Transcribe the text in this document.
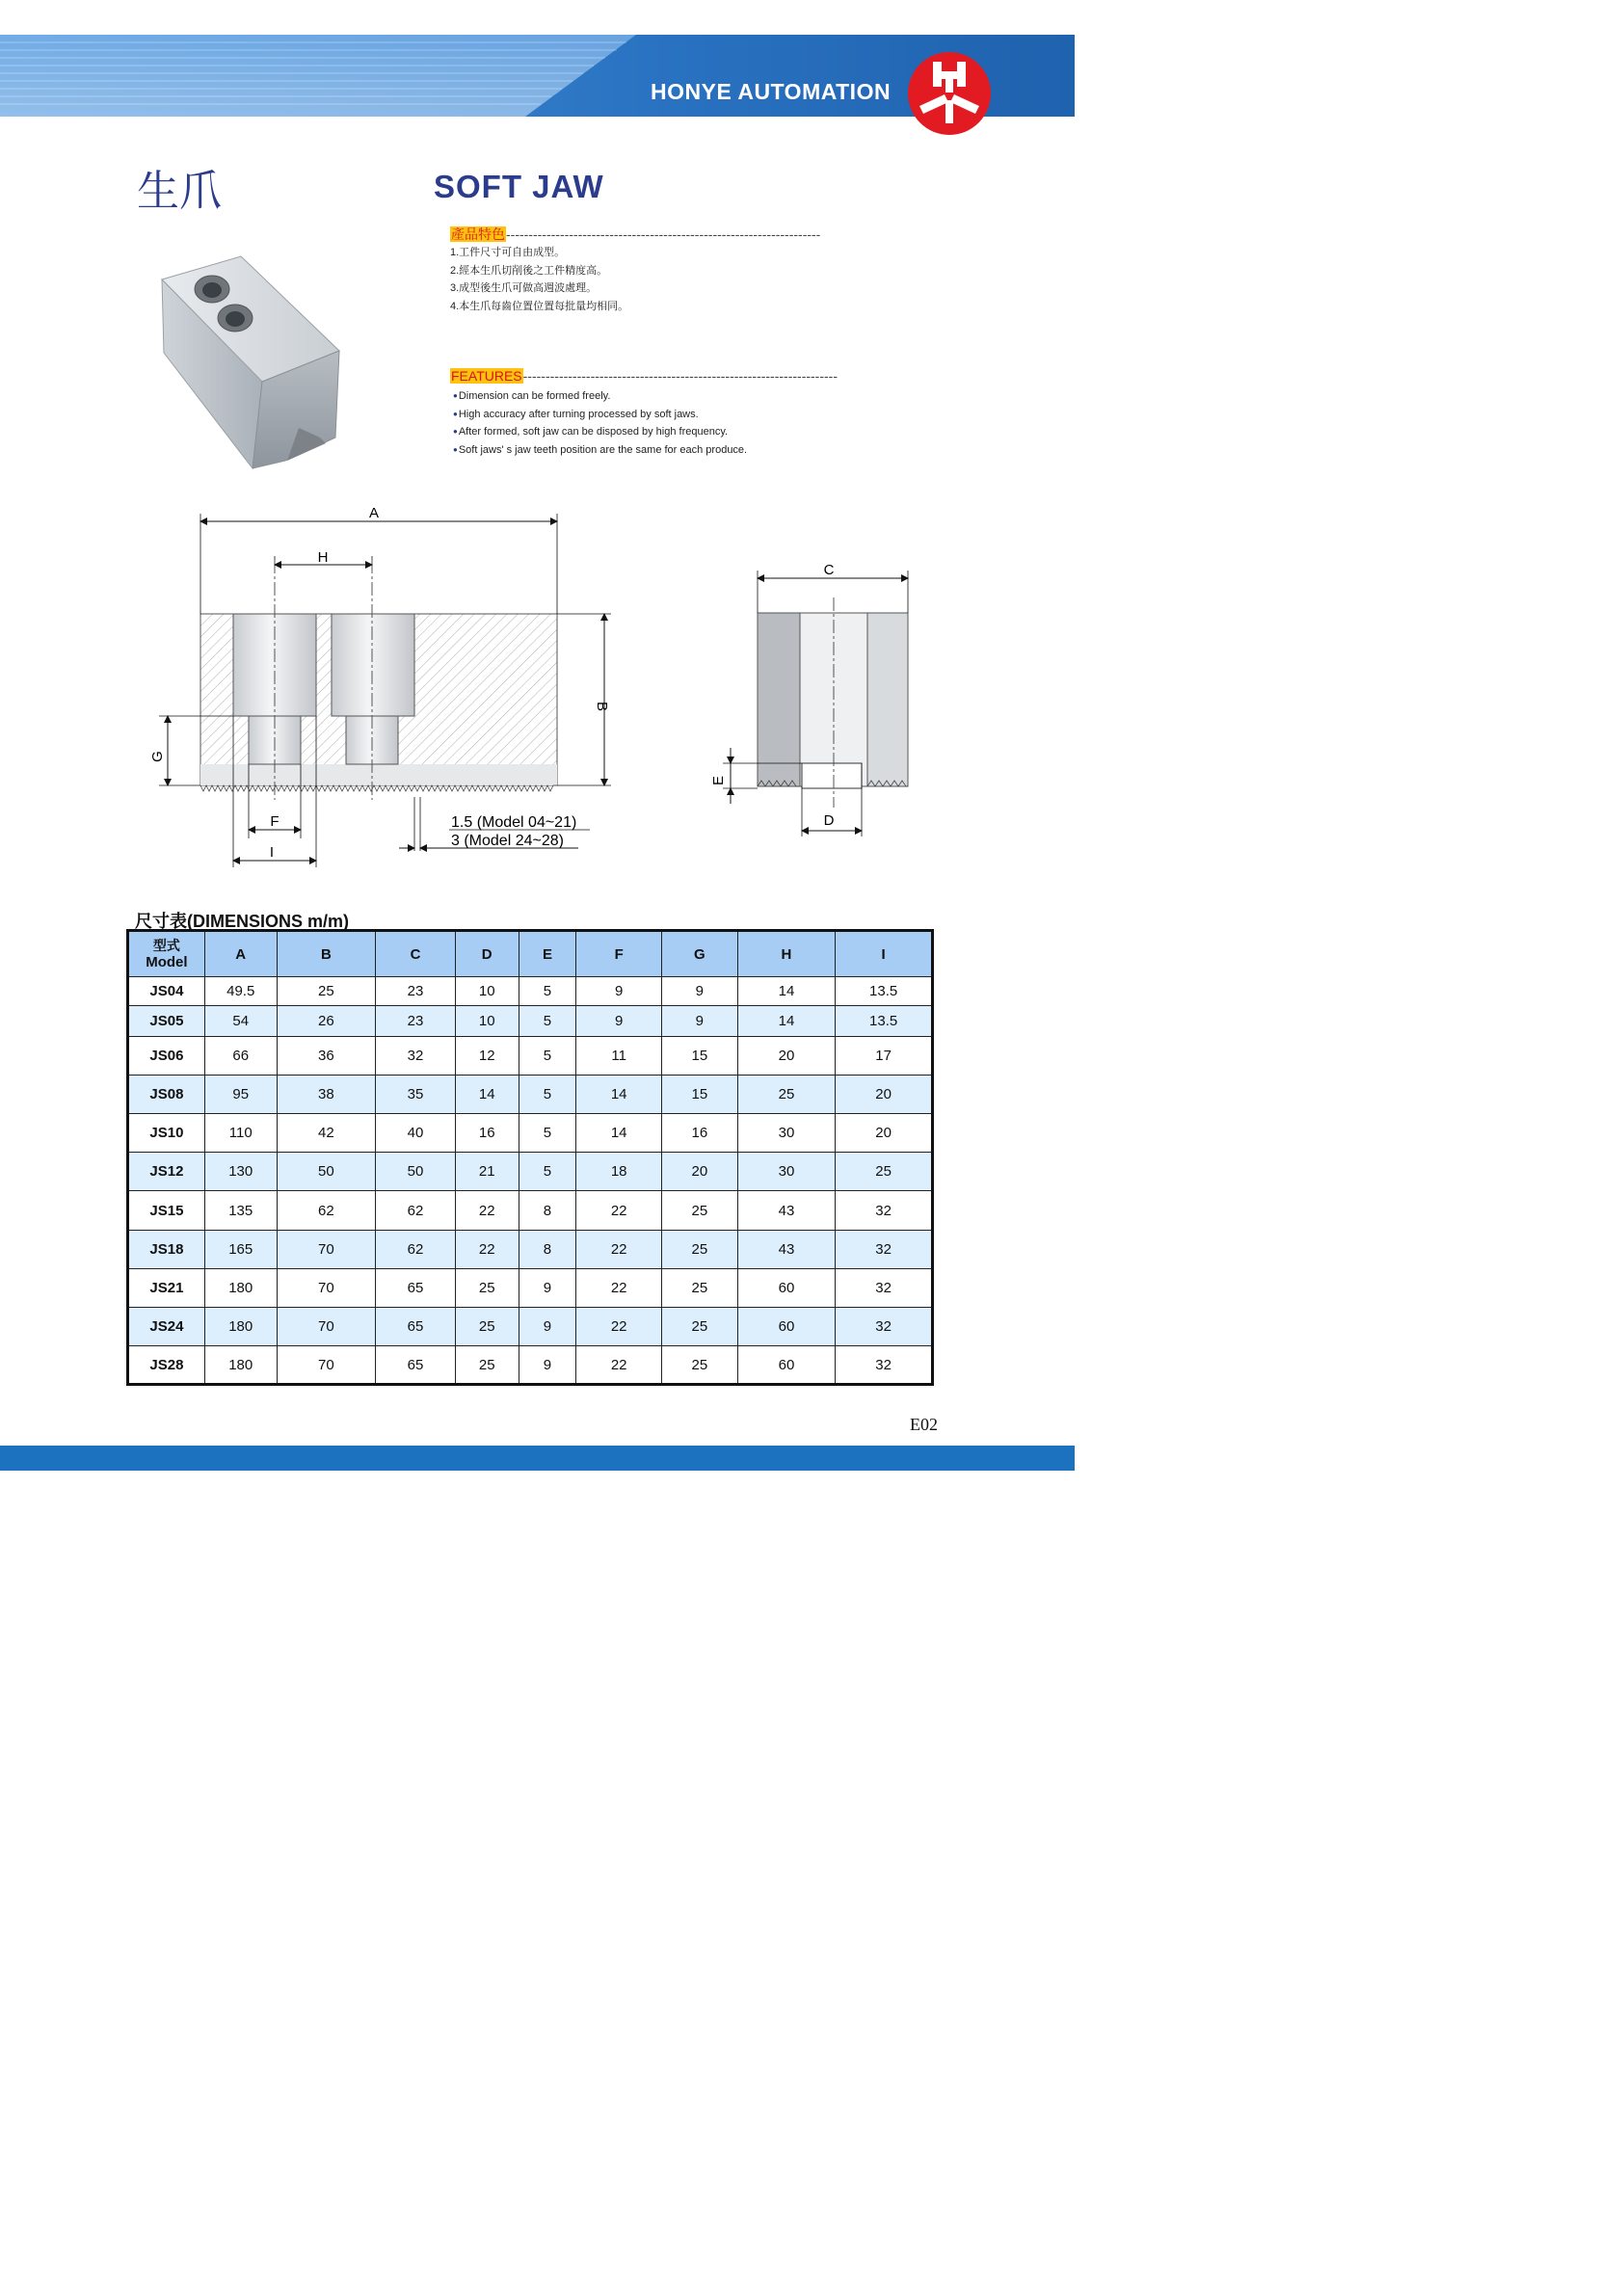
HONYE AUTOMATION
生爪	SOFT JAW
產品特色----------------------------------------------------------------------
1.工件尺寸可自由成型。
2.經本生爪切削後之工件精度高。
3.成型後生爪可做高週波處理。
4.本生爪每齒位置位置每批量均相同。
FEATURES----------------------------------------------------------------------
●Dimension can be formed freely.
●High accuracy after turning processed by soft jaws.
●After formed, soft jaw can be disposed by high frequency.
●Soft jaws' s jaw teeth position are the same for each produce.
A
H
B
G
F
I
1.5 (Model 04~21)
3 (Model 24~28)
C
D
E
尺寸表(DIMENSIONS m/m)
型式
Model	A	B	C	D	E	F	G	H	I
JS04	49.5	25	23	10	5	9	9	14	13.5
JS05	54	26	23	10	5	9	9	14	13.5
JS06	66	36	32	12	5	11	15	20	17
JS08	95	38	35	14	5	14	15	25	20
JS10	110	42	40	16	5	14	16	30	20
JS12	130	50	50	21	5	18	20	30	25
JS15	135	62	62	22	8	22	25	43	32
JS18	165	70	62	22	8	22	25	43	32
JS21	180	70	65	25	9	22	25	60	32
JS24	180	70	65	25	9	22	25	60	32
JS28	180	70	65	25	9	22	25	60	32
E02
